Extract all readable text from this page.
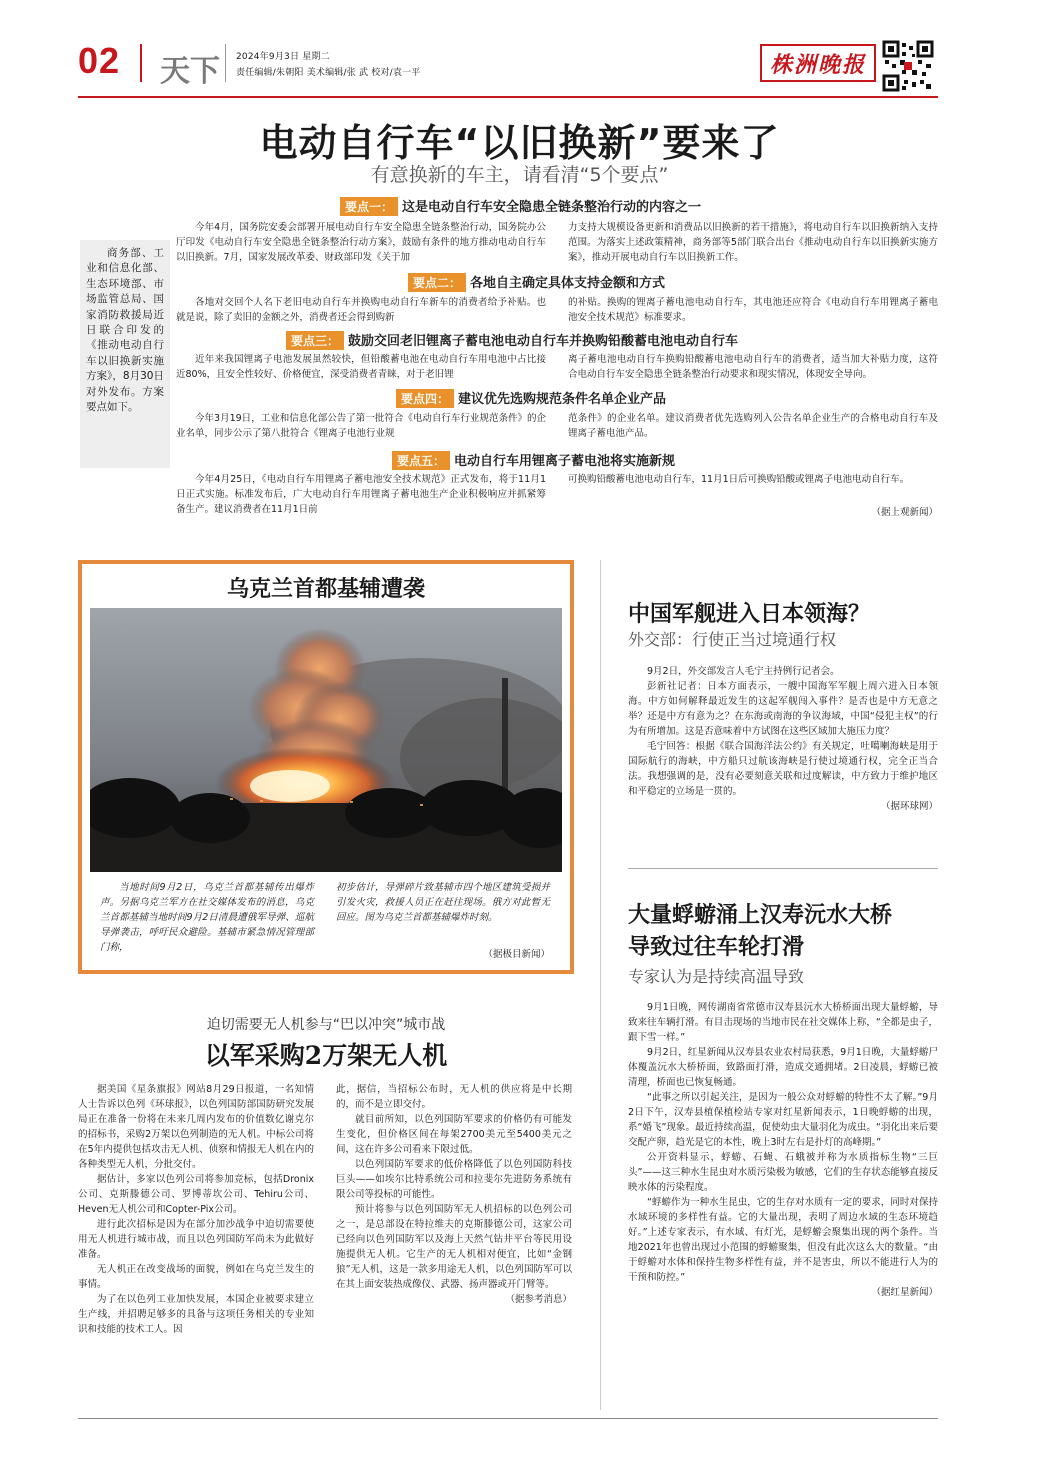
02 天下 2024年9月3日 星期二
责任编辑/朱朝阳 美术编辑/张 武 校对/袁一平	株洲晚报
电动自行车“以旧换新”要来了
有意换新的车主，请看清“5个要点”

商务部、工业和信息化部、生态环境部、市场监管总局、国家消防救援局近日联合印发的《推动电动自行车以旧换新实施方案》，8月30日对外发布。方案要点如下。

要点一： 这是电动自行车安全隐患全链条整治行动的内容之一

今年4月，国务院安委会部署开展电动自行车安全隐患全链条整治行动，国务院办公厅印发《电动自行车安全隐患全链条整治行动方案》，鼓励有条件的地方推动电动自行车以旧换新。7月，国家发展改革委、财政部印发《关于加

力支持大规模设备更新和消费品以旧换新的若干措施》，将电动自行车以旧换新纳入支持范围。为落实上述政策精神，商务部等5部门联合出台《推动电动自行车以旧换新实施方案》，推动开展电动自行车以旧换新工作。

要点二： 各地自主确定具体支持金额和方式

各地对交回个人名下老旧电动自行车并换购电动自行车新车的消费者给予补贴。也就是说，除了卖旧的金额之外，消费者还会得到购新

的补贴。换购的锂离子蓄电池电动自行车，其电池还应符合《电动自行车用锂离子蓄电池安全技术规范》标准要求。

要点三： 鼓励交回老旧锂离子蓄电池电动自行车并换购铅酸蓄电池电动自行车

近年来我国锂离子电池发展虽然较快，但铅酸蓄电池在电动自行车用电池中占比接近80%，且安全性较好、价格便宜，深受消费者青睐，对于老旧锂

离子蓄电池电动自行车换购铅酸蓄电池电动自行车的消费者，适当加大补贴力度，这符合电动自行车安全隐患全链条整治行动要求和现实情况，体现安全导向。

要点四： 建议优先选购规范条件名单企业产品

今年3月19日，工业和信息化部公告了第一批符合《电动自行车行业规范条件》的企业名单，同步公示了第八批符合《锂离子电池行业规

范条件》的企业名单。建议消费者优先选购列入公告名单企业生产的合格电动自行车及锂离子蓄电池产品。

要点五： 电动自行车用锂离子蓄电池将实施新规

今年4月25日，《电动自行车用锂离子蓄电池安全技术规范》正式发布，将于11月1日正式实施。标准发布后，广大电动自行车用锂离子蓄电池生产企业积极响应并抓紧筹备生产。建议消费者在11月1日前

可换购铅酸蓄电池电动自行车，11月1日后可换购铅酸或锂离子电池电动自行车。

（据上观新闻）
乌克兰首都基辅遭袭

当地时间9月2日，乌克兰首都基辅传出爆炸声。另据乌克兰军方在社交媒体发布的消息，乌克兰首都基辅当地时间9月2日清晨遭俄军导弹、巡航导弹袭击，呼吁民众避险。基辅市紧急情况管理部门称，

初步估计，导弹碎片致基辅市四个地区建筑受损并引发火灾，救援人员正在赶往现场。俄方对此暂无回应。图为乌克兰首都基辅爆炸时刻。

（据极目新闻）
迫切需要无人机参与“巴以冲突”城市战
以军采购2万架无人机

据美国《星条旗报》网站8月29日报道，一名知情人士告诉以色列《环球报》，以色列国防部国防研究发展局正在准备一份将在未来几周内发布的价值数亿谢克尔的招标书，采购2万架以色列制造的无人机。中标公司将在5年内提供包括攻击无人机、侦察和情报无人机在内的各种类型无人机，分批交付。

据估计，多家以色列公司将参加竞标，包括Dronix公司、克斯滕德公司、罗博蒂坎公司、Tehiru公司、Heven无人机公司和Copter-Pix公司。

进行此次招标是因为在部分加沙战争中迫切需要使用无人机进行城市战，而且以色列国防军尚未为此做好准备。

无人机正在改变战场的面貌，例如在乌克兰发生的事情。

为了在以色列工业加快发展，本国企业被要求建立生产线，并招聘足够多的具备与这项任务相关的专业知识和技能的技术工人。因

此，据信，当招标公布时，无人机的供应将是中长期的，而不是立即交付。

就目前所知，以色列国防军要求的价格仍有可能发生变化，但价格区间在每架2700美元至5400美元之间，这在许多公司看来下限过低。

以色列国防军要求的低价格降低了以色列国防科技巨头——如埃尔比特系统公司和拉斐尔先进防务系统有限公司等投标的可能性。

预计将参与以色列国防军无人机招标的以色列公司之一，是总部设在特拉维夫的克斯滕德公司，这家公司已经向以色列国防军以及海上天然气钻井平台等民用设施提供无人机。它生产的无人机相对便宜，比如“金钢狼”无人机，这是一款多用途无人机，以色列国防军可以在其上面安装热成像仪、武器、扬声器或开门臂等。

（据参考消息）
中国军舰进入日本领海？
外交部：行使正当过境通行权

9月2日，外交部发言人毛宁主持例行记者会。

彭新社记者：日本方面表示，一艘中国海军军舰上周六进入日本领海。中方如何解释最近发生的这起军舰闯入事件？是否也是中方无意之举？还是中方有意为之？在东海或南海的争议海域，中国“侵犯主权”的行为有所增加。这是否意味着中方试图在这些区域加大施压力度？

毛宁回答：根据《联合国海洋法公约》有关规定，吐噶喇海峡是用于国际航行的海峡，中方船只过航该海峡是行使过境通行权，完全正当合法。我想强调的是，没有必要刻意关联和过度解读，中方致力于维护地区和平稳定的立场是一贯的。

（据环球网）
大量蜉蝣涌上汉寿沅水大桥
导致过往车轮打滑
专家认为是持续高温导致

9月1日晚，网传湖南省常德市汉寿县沅水大桥桥面出现大量蜉蝣，导致来往车辆打滑。有目击现场的当地市民在社交媒体上称，“全都是虫子，跟下雪一样。”

9月2日，红星新闻从汉寿县农业农村局获悉，9月1日晚，大量蜉蝣尸体覆盖沅水大桥桥面，致路面打滑，造成交通拥堵。2日凌晨，蜉蝣已被清理，桥面也已恢复畅通。

“此事之所以引起关注，是因为一般公众对蜉蝣的特性不太了解。”9月2日下午，汉寿县植保植检站专家对红星新闻表示，1日晚蜉蝣的出现，系“婚飞”现象。最近持续高温，促使幼虫大量羽化为成虫。“羽化出来后要交配产卵，趋光是它的本性，晚上3时左右是扑灯的高峰期。”

公开资料显示，蜉蝣、石蝇、石蛾被并称为水质指标生物“三巨头”——这三种水生昆虫对水质污染极为敏感，它们的生存状态能够直接反映水体的污染程度。

“蜉蝣作为一种水生昆虫，它的生存对水质有一定的要求，同时对保持水域环境的多样性有益。它的大量出现，表明了周边水域的生态环境趋好。”上述专家表示，有水域、有灯光，是蜉蝣会聚集出现的两个条件。当地2021年也曾出现过小范围的蜉蝣聚集，但没有此次这么大的数量。“由于蜉蝣对水体和保持生物多样性有益，并不是害虫，所以不能进行人为的干预和防控。”

（据红星新闻）
